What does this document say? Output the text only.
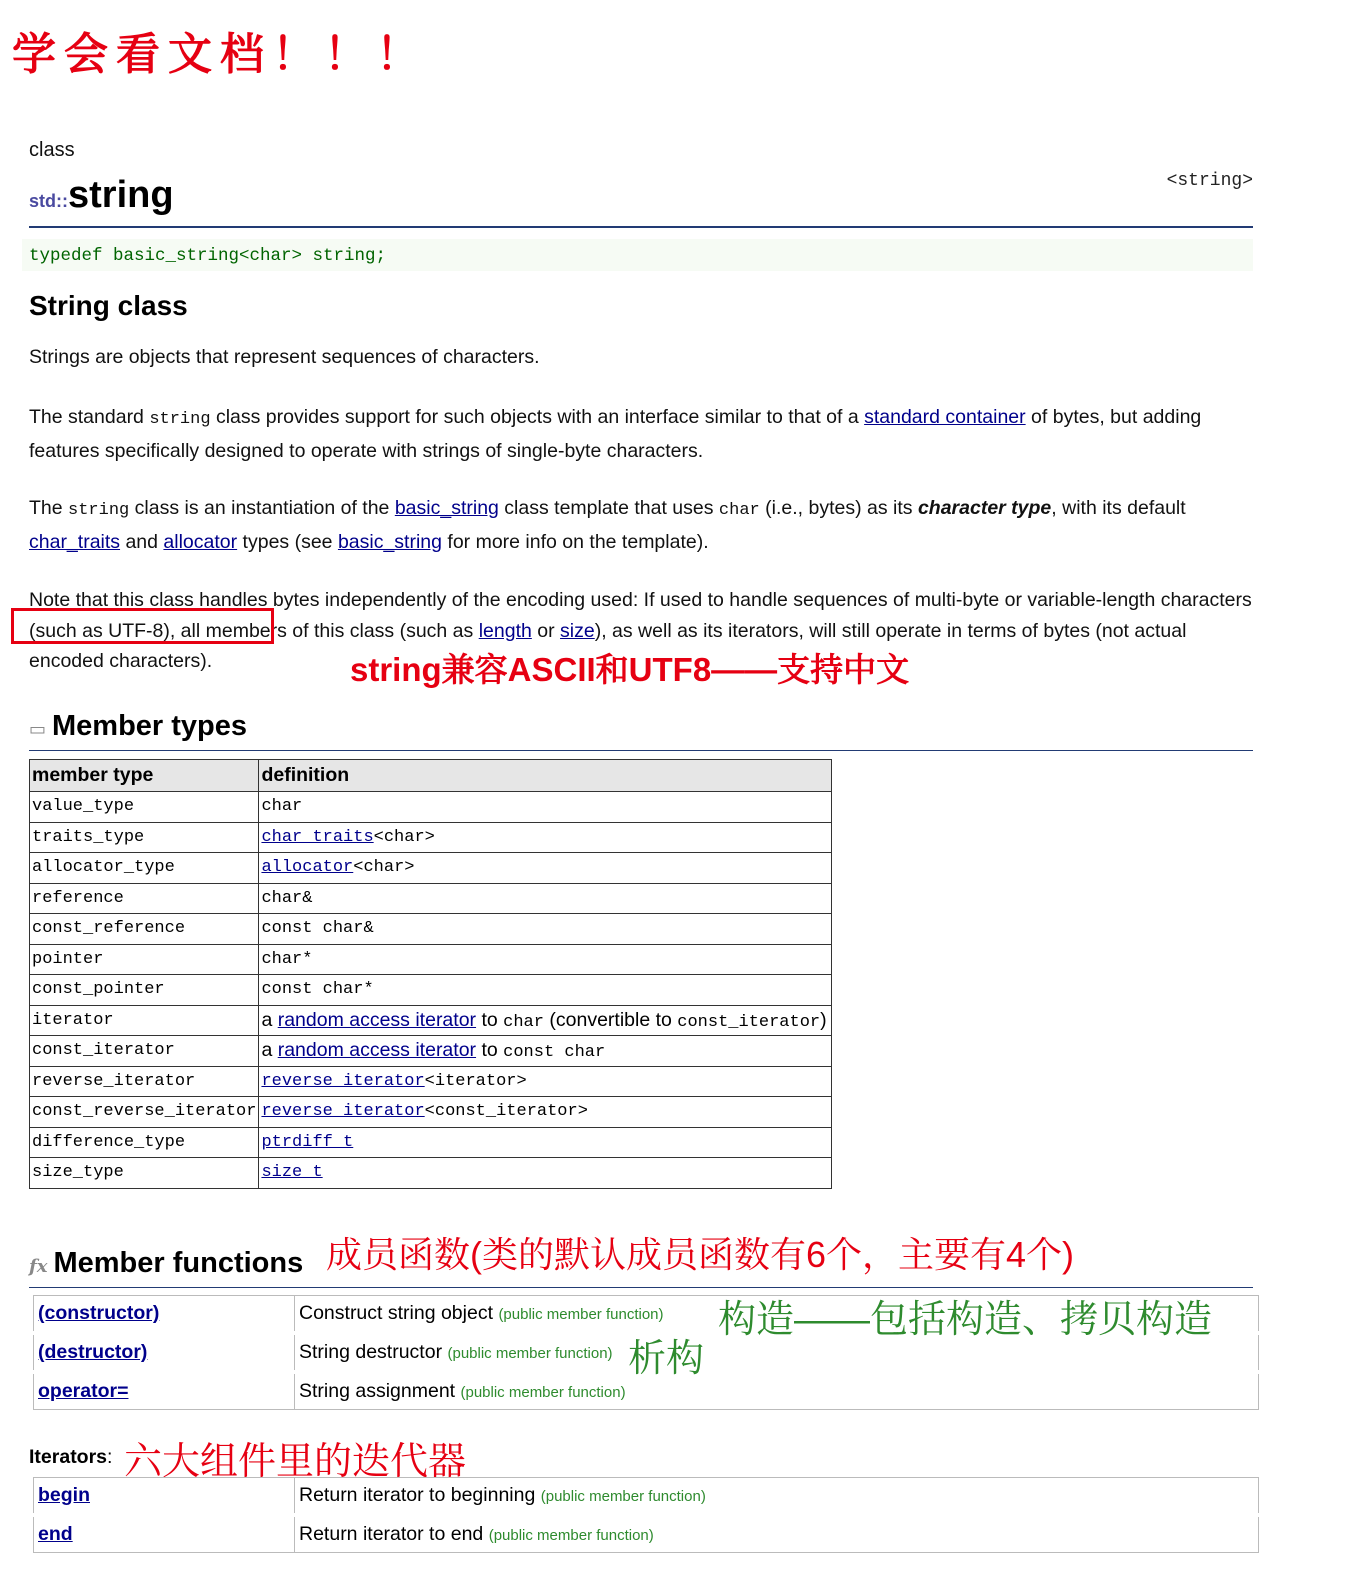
学会看文档！！！
class
std::string	<string>
typedef basic_string<char> string;
String class
Strings are objects that represent sequences of characters.
The standard string class provides support for such objects with an interface similar to that of a standard container of bytes, but adding features specifically designed to operate with strings of single-byte characters.
The string class is an instantiation of the basic_string class template that uses char (i.e., bytes) as its character type, with its default char_traits and allocator types (see basic_string for more info on the template).
Note that this class handles bytes independently of the encoding used: If used to handle sequences of multi-byte or variable-length characters (such as UTF-8), all members of this class (such as length or size), as well as its iterators, will still operate in terms of bytes (not actual encoded characters).	string兼容ASCII和UTF8——支持中文
▭ Member types
member type	definition
value_type	char
traits_type	char_traits<char>
allocator_type	allocator<char>
reference	char&
const_reference	const char&
pointer	char*
const_pointer	const char*
iterator	a random access iterator to char (convertible to const_iterator)
const_iterator	a random access iterator to const char
reverse_iterator	reverse_iterator<iterator>
const_reverse_iterator	reverse_iterator<const_iterator>
difference_type	ptrdiff_t
size_type	size_t
fx Member functions 成员函数(类的默认成员函数有6个，主要有4个)
(constructor)	Construct string object (public member function)
(destructor)	String destructor (public member function)
operator=	String assignment (public member function)
构造——包括构造、拷贝构造
析构
Iterators: 六大组件里的迭代器
begin	Return iterator to beginning (public member function)
end	Return iterator to end (public member function)
